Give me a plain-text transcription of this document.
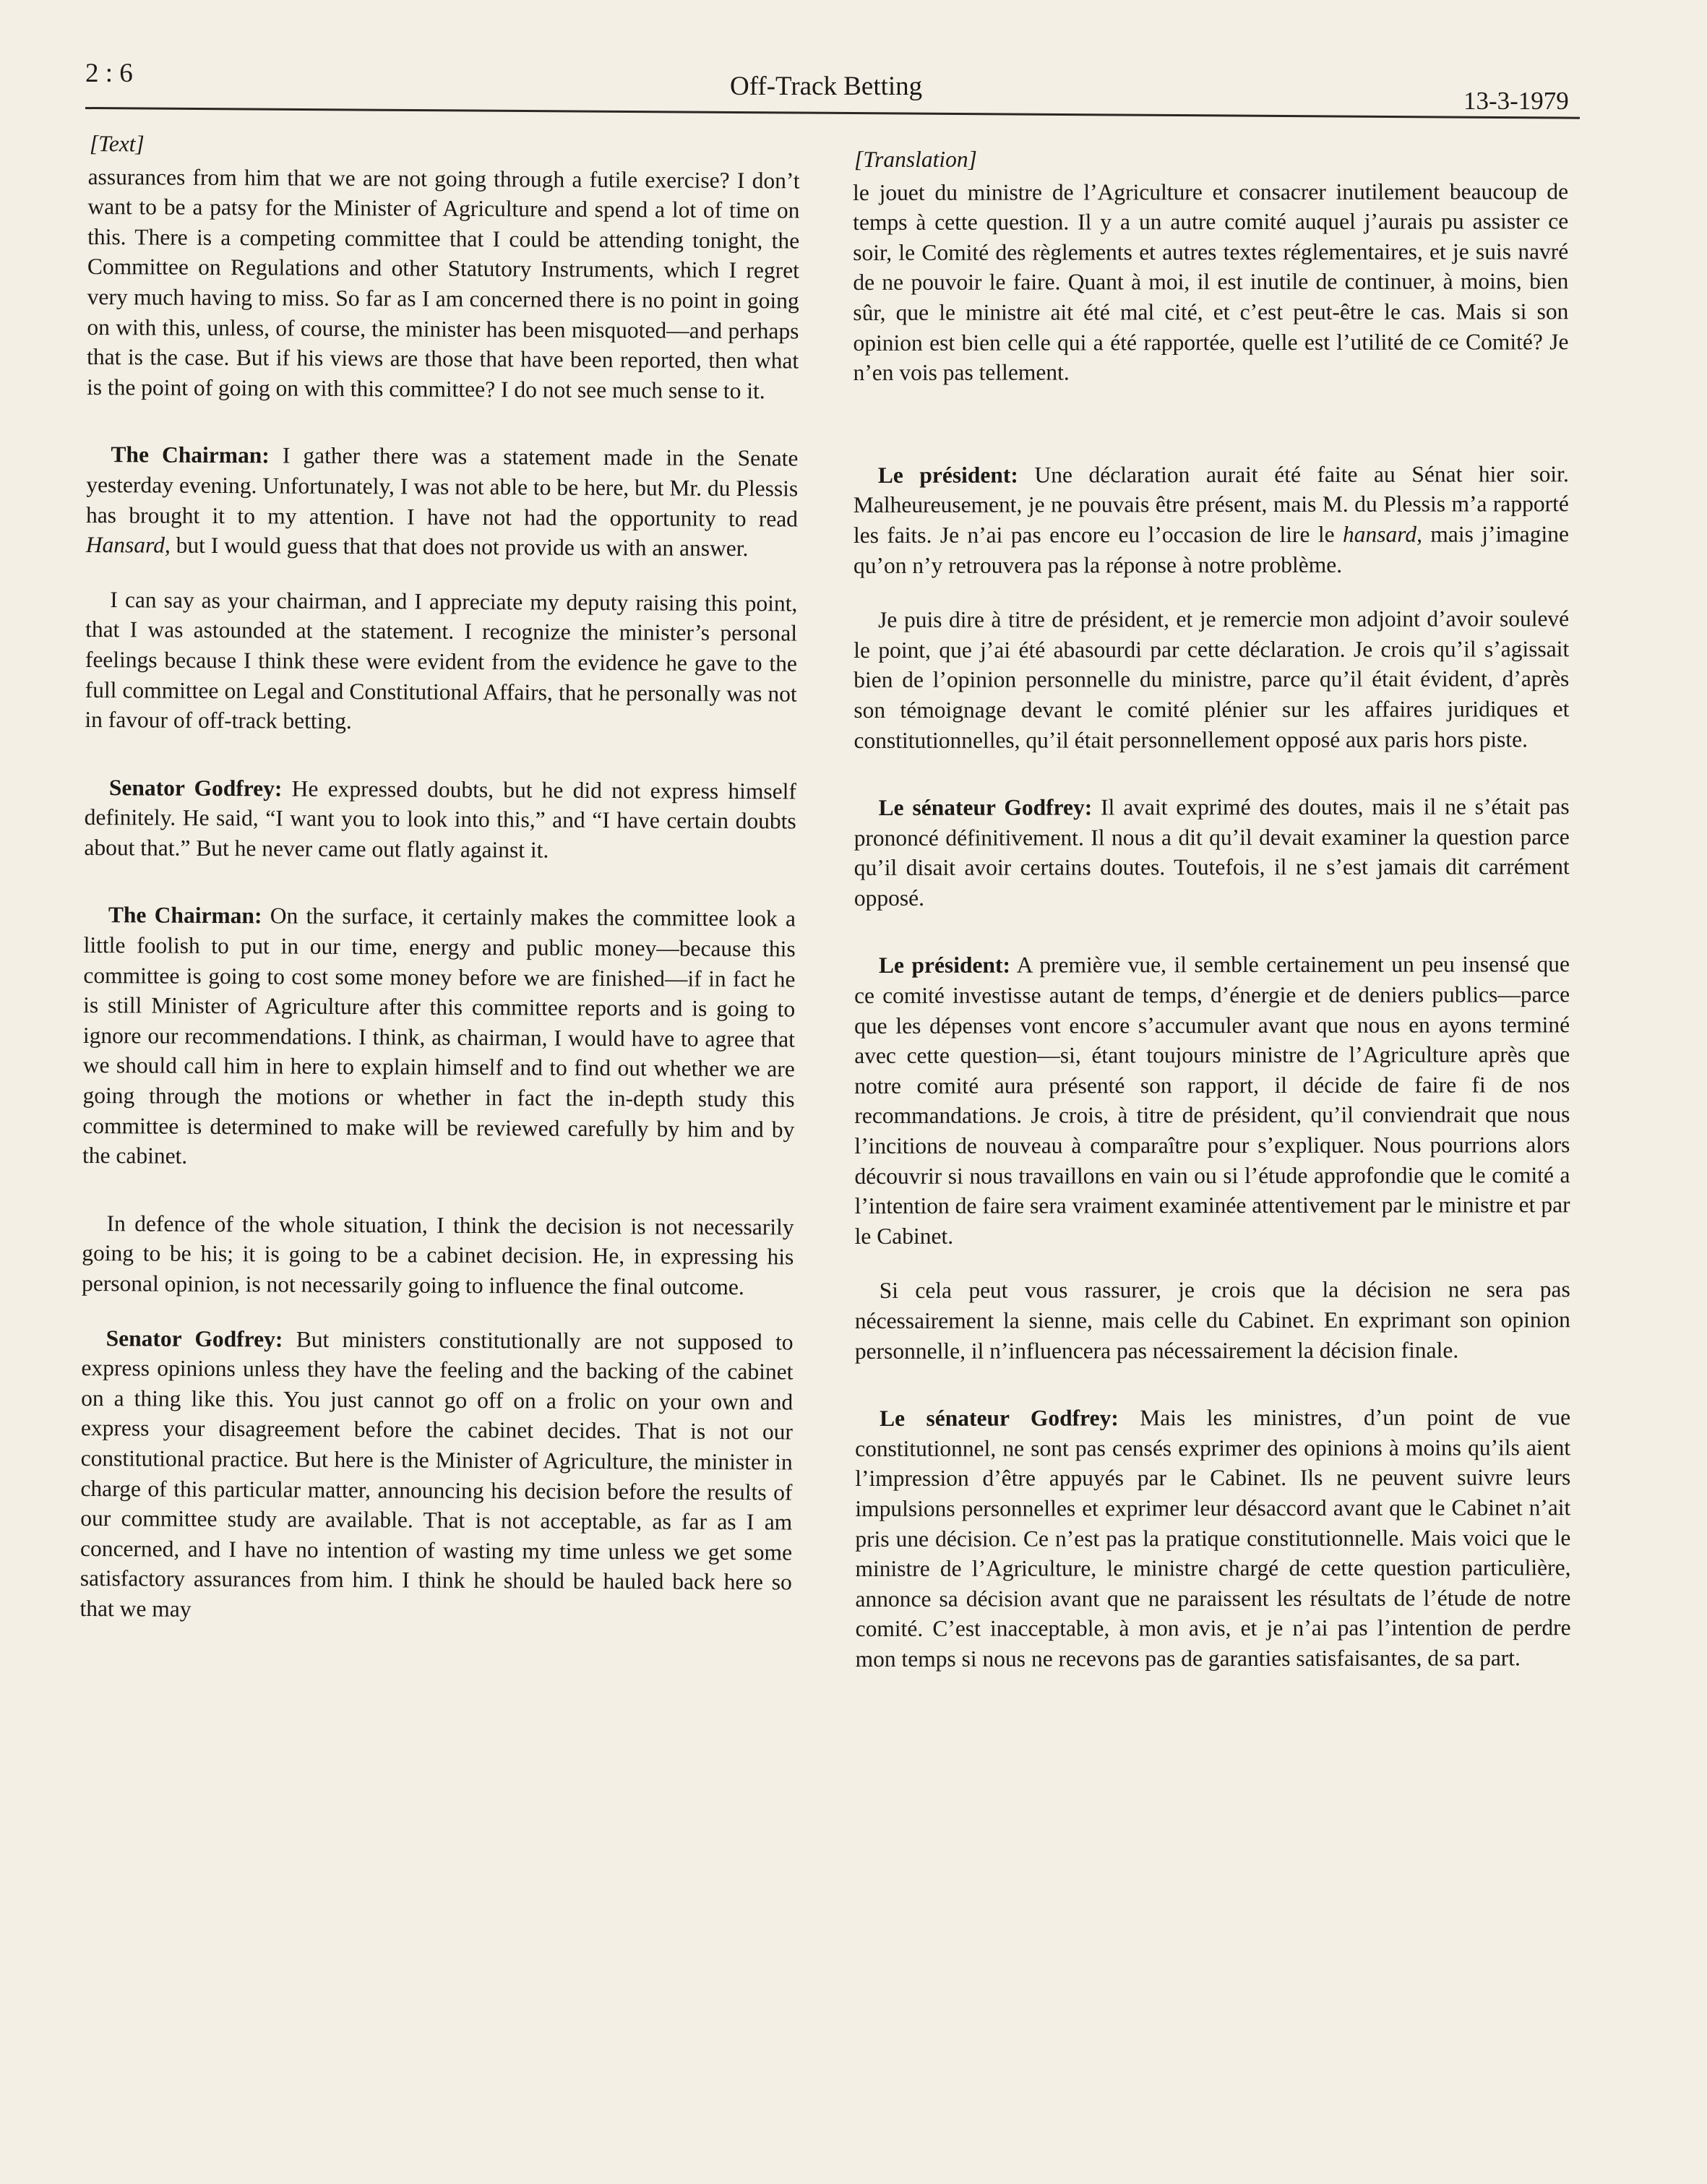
2 : 6	Off-Track Betting	13-3-1979
[Text]

assurances from him that we are not going through a futile exercise? I don’t want to be a patsy for the Minister of Agriculture and spend a lot of time on this. There is a competing committee that I could be attending tonight, the Committee on Regulations and other Statutory Instruments, which I regret very much having to miss. So far as I am concerned there is no point in going on with this, unless, of course, the minister has been misquoted—and perhaps that is the case. But if his views are those that have been reported, then what is the point of going on with this committee? I do not see much sense to it.

The Chairman: I gather there was a statement made in the Senate yesterday evening. Unfortunately, I was not able to be here, but Mr. du Plessis has brought it to my attention. I have not had the opportunity to read Hansard, but I would guess that that does not provide us with an answer.

I can say as your chairman, and I appreciate my deputy raising this point, that I was astounded at the statement. I recognize the minister’s personal feelings because I think these were evident from the evidence he gave to the full committee on Legal and Constitutional Affairs, that he personally was not in favour of off-track betting.

Senator Godfrey: He expressed doubts, but he did not express himself definitely. He said, “I want you to look into this,” and “I have certain doubts about that.” But he never came out flatly against it.

The Chairman: On the surface, it certainly makes the committee look a little foolish to put in our time, energy and public money—because this committee is going to cost some money before we are finished—if in fact he is still Minister of Agriculture after this committee reports and is going to ignore our recommendations. I think, as chairman, I would have to agree that we should call him in here to explain himself and to find out whether we are going through the motions or whether in fact the in-depth study this committee is determined to make will be reviewed carefully by him and by the cabinet.

In defence of the whole situation, I think the decision is not necessarily going to be his; it is going to be a cabinet decision. He, in expressing his personal opinion, is not necessarily going to influence the final outcome.

Senator Godfrey: But ministers constitutionally are not supposed to express opinions unless they have the feeling and the backing of the cabinet on a thing like this. You just cannot go off on a frolic on your own and express your disagreement before the cabinet decides. That is not our constitutional practice. But here is the Minister of Agriculture, the minister in charge of this particular matter, announcing his decision before the results of our committee study are available. That is not acceptable, as far as I am concerned, and I have no intention of wasting my time unless we get some satisfactory assurances from him. I think he should be hauled back here so that we may

[Translation]

le jouet du ministre de l’Agriculture et consacrer inutilement beaucoup de temps à cette question. Il y a un autre comité auquel j’aurais pu assister ce soir, le Comité des règlements et autres textes réglementaires, et je suis navré de ne pouvoir le faire. Quant à moi, il est inutile de continuer, à moins, bien sûr, que le ministre ait été mal cité, et c’est peut-être le cas. Mais si son opinion est bien celle qui a été rapportée, quelle est l’utilité de ce Comité? Je n’en vois pas tellement.

Le président: Une déclaration aurait été faite au Sénat hier soir. Malheureusement, je ne pouvais être présent, mais M. du Plessis m’a rapporté les faits. Je n’ai pas encore eu l’occasion de lire le hansard, mais j’imagine qu’on n’y retrouvera pas la réponse à notre problème.

Je puis dire à titre de président, et je remercie mon adjoint d’avoir soulevé le point, que j’ai été abasourdi par cette déclaration. Je crois qu’il s’agissait bien de l’opinion personnelle du ministre, parce qu’il était évident, d’après son témoignage devant le comité plénier sur les affaires juridiques et constitutionnelles, qu’il était personnellement opposé aux paris hors piste.

Le sénateur Godfrey: Il avait exprimé des doutes, mais il ne s’était pas prononcé définitivement. Il nous a dit qu’il devait examiner la question parce qu’il disait avoir certains doutes. Toutefois, il ne s’est jamais dit carrément opposé.

Le président: A première vue, il semble certainement un peu insensé que ce comité investisse autant de temps, d’énergie et de deniers publics—parce que les dépenses vont encore s’accumuler avant que nous en ayons terminé avec cette question—si, étant toujours ministre de l’Agriculture après que notre comité aura présenté son rapport, il décide de faire fi de nos recommandations. Je crois, à titre de président, qu’il conviendrait que nous l’incitions de nouveau à comparaître pour s’expliquer. Nous pourrions alors découvrir si nous travaillons en vain ou si l’étude approfondie que le comité a l’intention de faire sera vraiment examinée attentivement par le ministre et par le Cabinet.

Si cela peut vous rassurer, je crois que la décision ne sera pas nécessairement la sienne, mais celle du Cabinet. En exprimant son opinion personnelle, il n’influencera pas nécessairement la décision finale.

Le sénateur Godfrey: Mais les ministres, d’un point de vue constitutionnel, ne sont pas censés exprimer des opinions à moins qu’ils aient l’impression d’être appuyés par le Cabinet. Ils ne peuvent suivre leurs impulsions personnelles et exprimer leur désaccord avant que le Cabinet n’ait pris une décision. Ce n’est pas la pratique constitutionnelle. Mais voici que le ministre de l’Agriculture, le ministre chargé de cette question particulière, annonce sa décision avant que ne paraissent les résultats de l’étude de notre comité. C’est inacceptable, à mon avis, et je n’ai pas l’intention de perdre mon temps si nous ne recevons pas de garanties satisfaisantes, de sa part.
